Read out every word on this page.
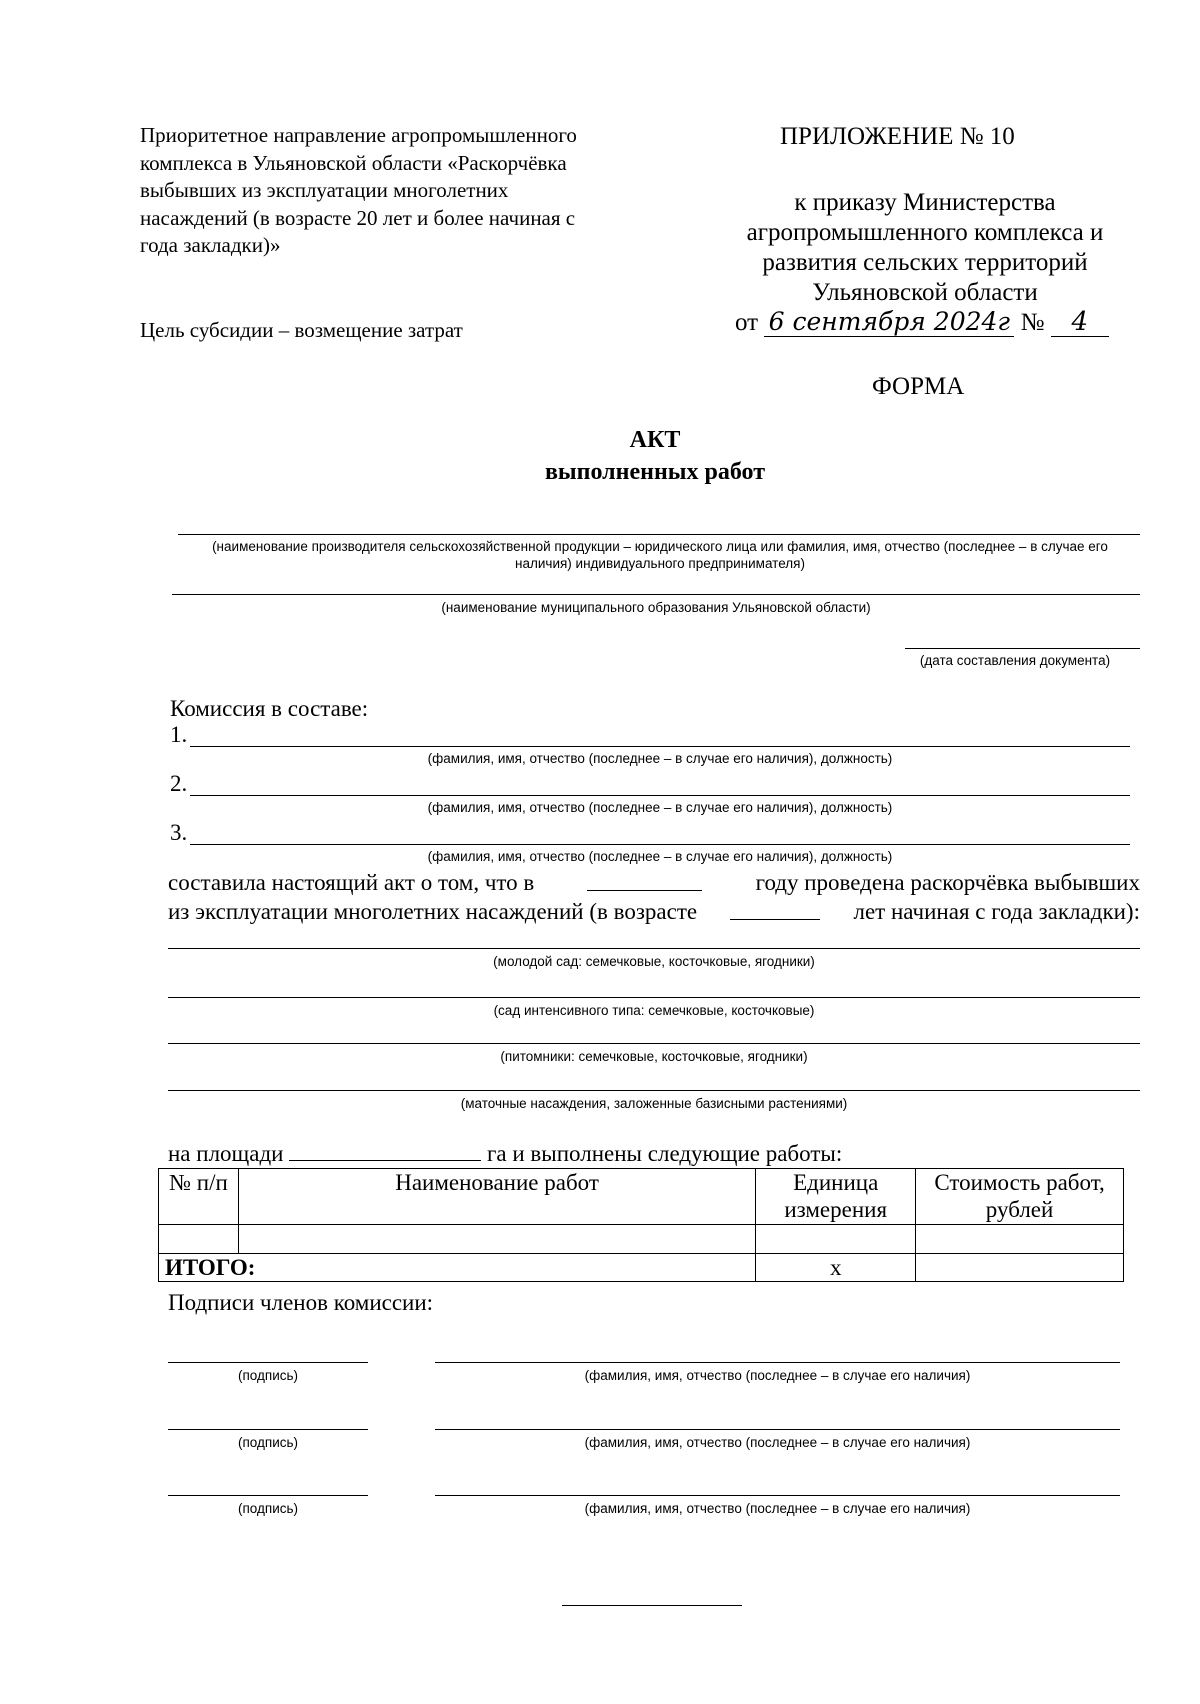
Приоритетное направление агропромышленного комплекса в Ульяновской области «Раскорчёвка выбывших из эксплуатации многолетних насаждений (в возрасте 20 лет и более начиная с года закладки)»
Цель субсидии – возмещение затрат
ПРИЛОЖЕНИЕ № 10
к приказу Министерства агропромышленного комплекса и развития сельских территорий Ульяновской области
от 6 сентября 2024г № 4
ФОРМА
АКТ
выполненных работ
(наименование производителя сельскохозяйственной продукции – юридического лица или фамилия, имя, отчество (последнее – в случае его наличия) индивидуального предпринимателя)
(наименование муниципального образования Ульяновской области)
(дата составления документа)
Комиссия в составе:
1.
(фамилия, имя, отчество (последнее – в случае его наличия), должность)
2.
(фамилия, имя, отчество (последнее – в случае его наличия), должность)
3.
(фамилия, имя, отчество (последнее – в случае его наличия), должность)
составила настоящий акт о том, что в	году проведена раскорчёвка выбывших
из эксплуатации многолетних насаждений (в возрасте	лет начиная с года закладки):
(молодой сад: семечковые, косточковые, ягодники)
(сад интенсивного типа: семечковые, косточковые)
(питомники: семечковые, косточковые, ягодники)
(маточные насаждения, заложенные базисными растениями)
на площади	га и выполнены следующие работы:
№ п/п	Наименование работ	Единица измерения	Стоимость работ, рублей

ИТОГО:		х	
Подписи членов комиссии:
(подпись)	(фамилия, имя, отчество (последнее – в случае его наличия)
(подпись)	(фамилия, имя, отчество (последнее – в случае его наличия)
(подпись)	(фамилия, имя, отчество (последнее – в случае его наличия)
